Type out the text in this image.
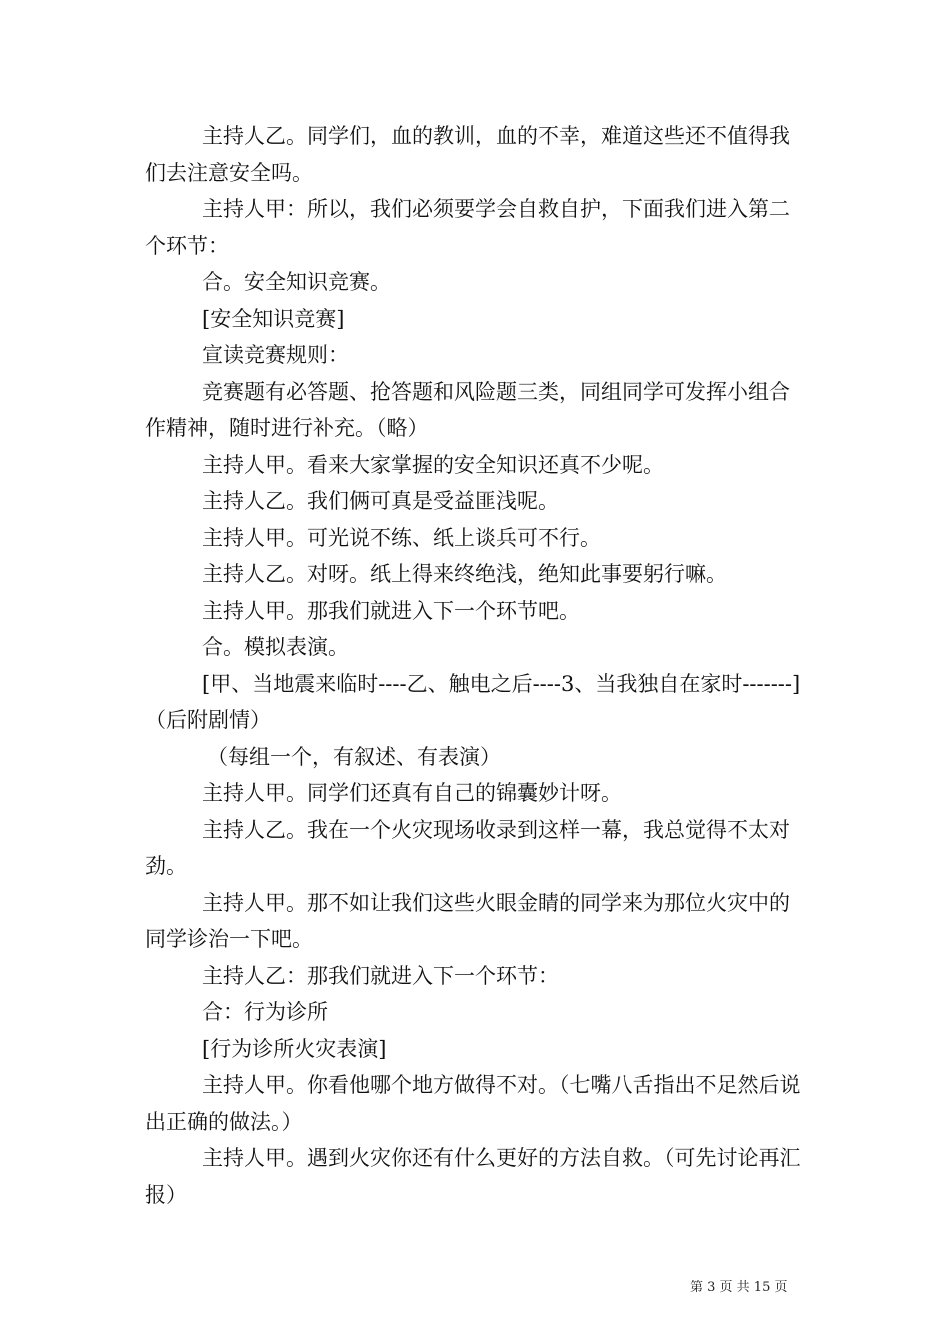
主持人乙。同学们，血的教训，血的不幸，难道这些还不值得我们去注意安全吗。

主持人甲：所以，我们必须要学会自救自护，下面我们进入第二个环节：

合。安全知识竞赛。

[安全知识竞赛]

宣读竞赛规则：

竞赛题有必答题、抢答题和风险题三类，同组同学可发挥小组合作精神，随时进行补充。（略）

主持人甲。看来大家掌握的安全知识还真不少呢。

主持人乙。我们俩可真是受益匪浅呢。

主持人甲。可光说不练、纸上谈兵可不行。

主持人乙。对呀。纸上得来终绝浅，绝知此事要躬行嘛。

主持人甲。那我们就进入下一个环节吧。

合。模拟表演。

[甲、当地震来临时----乙、触电之后----3、当我独自在家时-------]（后附剧情）

（每组一个，有叙述、有表演）

主持人甲。同学们还真有自己的锦囊妙计呀。

主持人乙。我在一个火灾现场收录到这样一幕，我总觉得不太对劲。

主持人甲。那不如让我们这些火眼金睛的同学来为那位火灾中的同学诊治一下吧。

主持人乙：那我们就进入下一个环节：

合：行为诊所

[行为诊所火灾表演]

主持人甲。你看他哪个地方做得不对。（七嘴八舌指出不足然后说出正确的做法。）

主持人甲。遇到火灾你还有什么更好的方法自救。（可先讨论再汇报）

第 3 页 共 15 页
